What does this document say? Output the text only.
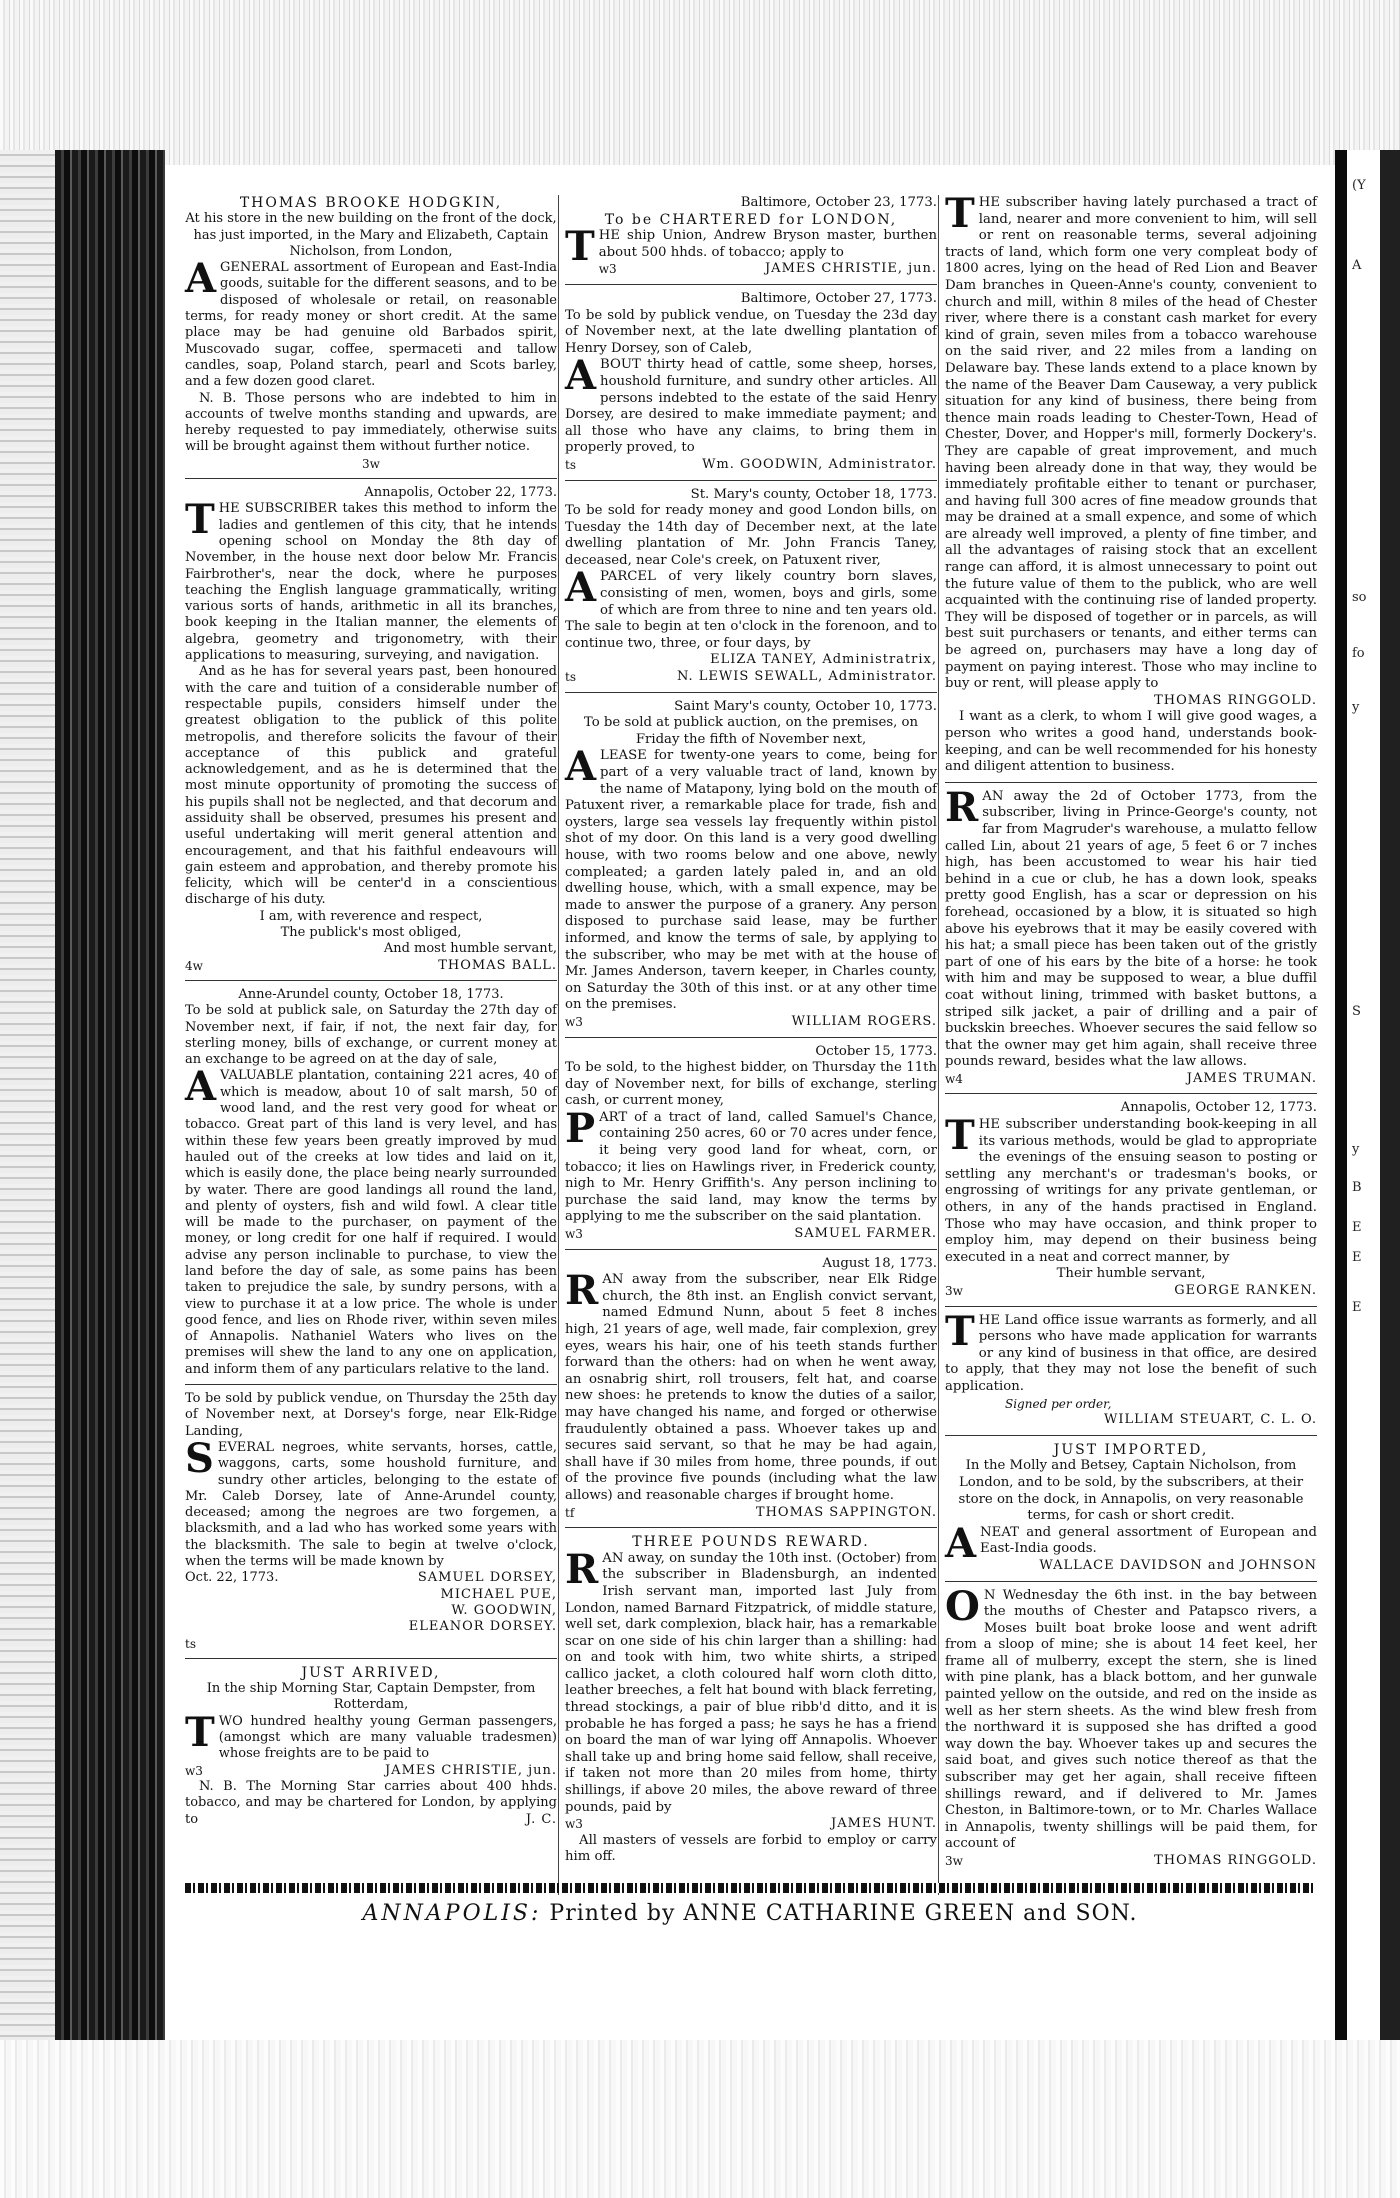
(Y
A
so
fo
y
S
y
B
E
E
E
THOMAS BROOKE HODGKIN,

At his store in the new building on the front of the dock, has just imported, in the Mary and Elizabeth, Captain Nicholson, from London,

AGENERAL assortment of European and East-India goods, suitable for the different seasons, and to be disposed of wholesale or retail, on reasonable terms, for ready money or short credit. At the same place may be had genuine old Barbados spirit, Muscovado sugar, coffee, spermaceti and tallow candles, soap, Poland starch, pearl and Scots barley, and a few dozen good claret.

N. B. Those persons who are indebted to him in accounts of twelve months standing and upwards, are hereby requested to pay immediately, otherwise suits will be brought against them without further notice.

3w
Annapolis, October 22, 1773.

THE SUBSCRIBER takes this method to inform the ladies and gentlemen of this city, that he intends opening school on Monday the 8th day of November, in the house next door below Mr. Francis Fairbrother's, near the dock, where he purposes teaching the English language grammatically, writing various sorts of hands, arithmetic in all its branches, book keeping in the Italian manner, the elements of algebra, geometry and trigonometry, with their applications to measuring, surveying, and navigation.

And as he has for several years past, been honoured with the care and tuition of a considerable number of respectable pupils, considers himself under the greatest obligation to the publick of this polite metropolis, and therefore solicits the favour of their acceptance of this publick and grateful acknowledgement, and as he is determined that the most minute opportunity of promoting the success of his pupils shall not be neglected, and that decorum and assiduity shall be observed, presumes his present and useful undertaking will merit general attention and encouragement, and that his faithful endeavours will gain esteem and approbation, and thereby promote his felicity, which will be center'd in a conscientious discharge of his duty.

I am, with reverence and respect,
The publick's most obliged,
And most humble servant,
4w	THOMAS BALL.
Anne-Arundel county, October 18, 1773.

To be sold at publick sale, on Saturday the 27th day of November next, if fair, if not, the next fair day, for sterling money, bills of exchange, or current money at an exchange to be agreed on at the day of sale,

AVALUABLE plantation, containing 221 acres, 40 of which is meadow, about 10 of salt marsh, 50 of wood land, and the rest very good for wheat or tobacco. Great part of this land is very level, and has within these few years been greatly improved by mud hauled out of the creeks at low tides and laid on it, which is easily done, the place being nearly surrounded by water. There are good landings all round the land, and plenty of oysters, fish and wild fowl. A clear title will be made to the purchaser, on payment of the money, or long credit for one half if required. I would advise any person inclinable to purchase, to view the land before the day of sale, as some pains has been taken to prejudice the sale, by sundry persons, with a view to purchase it at a low price. The whole is under good fence, and lies on Rhode river, within seven miles of Annapolis. Nathaniel Waters who lives on the premises will shew the land to any one on application, and inform them of any particulars relative to the land.

To be sold by publick vendue, on Thursday the 25th day of November next, at Dorsey's forge, near Elk-Ridge Landing,

SEVERAL negroes, white servants, horses, cattle, waggons, carts, some houshold furniture, and sundry other articles, belonging to the estate of Mr. Caleb Dorsey, late of Anne-Arundel county, deceased; among the negroes are two forgemen, a blacksmith, and a lad who has worked some years with the blacksmith. The sale to begin at twelve o'clock, when the terms will be made known by

Oct. 22, 1773.	SAMUEL DORSEY,
MICHAEL PUE,
W. GOODWIN,
ELEANOR DORSEY.
ts
JUST ARRIVED,

In the ship Morning Star, Captain Dempster, from Rotterdam,

TWO hundred healthy young German passengers, (amongst which are many valuable tradesmen) whose freights are to be paid to

w3	JAMES CHRISTIE, jun.

N. B. The Morning Star carries about 400 hhds. tobacco, and may be chartered for London, by applying to	J. C.

Baltimore, October 23, 1773.
To be CHARTERED for LONDON,

THE ship Union, Andrew Bryson master, burthen about 500 hhds. of tobacco; apply to

w3	JAMES CHRISTIE, jun.
Baltimore, October 27, 1773.

To be sold by publick vendue, on Tuesday the 23d day of November next, at the late dwelling plantation of Henry Dorsey, son of Caleb,

ABOUT thirty head of cattle, some sheep, horses, houshold furniture, and sundry other articles. All persons indebted to the estate of the said Henry Dorsey, are desired to make immediate payment; and all those who have any claims, to bring them in properly proved, to

ts	Wm. GOODWIN, Administrator.
St. Mary's county, October 18, 1773.

To be sold for ready money and good London bills, on Tuesday the 14th day of December next, at the late dwelling plantation of Mr. John Francis Taney, deceased, near Cole's creek, on Patuxent river,

APARCEL of very likely country born slaves, consisting of men, women, boys and girls, some of which are from three to nine and ten years old. The sale to begin at ten o'clock in the forenoon, and to continue two, three, or four days, by

ELIZA TANEY, Administratrix,
ts	N. LEWIS SEWALL, Administrator.
Saint Mary's county, October 10, 1773.

To be sold at publick auction, on the premises, on Friday the fifth of November next,

ALEASE for twenty-one years to come, being for part of a very valuable tract of land, known by the name of Matapony, lying bold on the mouth of Patuxent river, a remarkable place for trade, fish and oysters, large sea vessels lay frequently within pistol shot of my door. On this land is a very good dwelling house, with two rooms below and one above, newly compleated; a garden lately paled in, and an old dwelling house, which, with a small expence, may be made to answer the purpose of a granery. Any person disposed to purchase said lease, may be further informed, and know the terms of sale, by applying to the subscriber, who may be met with at the house of Mr. James Anderson, tavern keeper, in Charles county, on Saturday the 30th of this inst. or at any other time on the premises.

w3	WILLIAM ROGERS.
October 15, 1773.

To be sold, to the highest bidder, on Thursday the 11th day of November next, for bills of exchange, sterling cash, or current money,

PART of a tract of land, called Samuel's Chance, containing 250 acres, 60 or 70 acres under fence, it being very good land for wheat, corn, or tobacco; it lies on Hawlings river, in Frederick county, nigh to Mr. Henry Griffith's. Any person inclining to purchase the said land, may know the terms by applying to me the subscriber on the said plantation.

w3	SAMUEL FARMER.
August 18, 1773.

RAN away from the subscriber, near Elk Ridge church, the 8th inst. an English convict servant, named Edmund Nunn, about 5 feet 8 inches high, 21 years of age, well made, fair complexion, grey eyes, wears his hair, one of his teeth stands further forward than the others: had on when he went away, an osnabrig shirt, roll trousers, felt hat, and coarse new shoes: he pretends to know the duties of a sailor, may have changed his name, and forged or otherwise fraudulently obtained a pass. Whoever takes up and secures said servant, so that he may be had again, shall have if 30 miles from home, three pounds, if out of the province five pounds (including what the law allows) and reasonable charges if brought home.

tf	THOMAS SAPPINGTON.
THREE POUNDS REWARD.

RAN away, on sunday the 10th inst. (October) from the subscriber in Bladensburgh, an indented Irish servant man, imported last July from London, named Barnard Fitzpatrick, of middle stature, well set, dark complexion, black hair, has a remarkable scar on one side of his chin larger than a shilling: had on and took with him, two white shirts, a striped callico jacket, a cloth coloured half worn cloth ditto, leather breeches, a felt hat bound with black ferreting, thread stockings, a pair of blue ribb'd ditto, and it is probable he has forged a pass; he says he has a friend on board the man of war lying off Annapolis. Whoever shall take up and bring home said fellow, shall receive, if taken not more than 20 miles from home, thirty shillings, if above 20 miles, the above reward of three pounds, paid by

w3	JAMES HUNT.

All masters of vessels are forbid to employ or carry him off.

THE subscriber having lately purchased a tract of land, nearer and more convenient to him, will sell or rent on reasonable terms, several adjoining tracts of land, which form one very compleat body of 1800 acres, lying on the head of Red Lion and Beaver Dam branches in Queen-Anne's county, convenient to church and mill, within 8 miles of the head of Chester river, where there is a constant cash market for every kind of grain, seven miles from a tobacco warehouse on the said river, and 22 miles from a landing on Delaware bay. These lands extend to a place known by the name of the Beaver Dam Causeway, a very publick situation for any kind of business, there being from thence main roads leading to Chester-Town, Head of Chester, Dover, and Hopper's mill, formerly Dockery's. They are capable of great improvement, and much having been already done in that way, they would be immediately profitable either to tenant or purchaser, and having full 300 acres of fine meadow grounds that may be drained at a small expence, and some of which are already well improved, a plenty of fine timber, and all the advantages of raising stock that an excellent range can afford, it is almost unnecessary to point out the future value of them to the publick, who are well acquainted with the continuing rise of landed property. They will be disposed of together or in parcels, as will best suit purchasers or tenants, and either terms can be agreed on, purchasers may have a long day of payment on paying interest. Those who may incline to buy or rent, will please apply to

THOMAS RINGGOLD.

I want as a clerk, to whom I will give good wages, a person who writes a good hand, understands book-keeping, and can be well recommended for his honesty and diligent attention to business.

RAN away the 2d of October 1773, from the subscriber, living in Prince-George's county, not far from Magruder's warehouse, a mulatto fellow called Lin, about 21 years of age, 5 feet 6 or 7 inches high, has been accustomed to wear his hair tied behind in a cue or club, he has a down look, speaks pretty good English, has a scar or depression on his forehead, occasioned by a blow, it is situated so high above his eyebrows that it may be easily covered with his hat; a small piece has been taken out of the gristly part of one of his ears by the bite of a horse: he took with him and may be supposed to wear, a blue duffil coat without lining, trimmed with basket buttons, a striped silk jacket, a pair of drilling and a pair of buckskin breeches. Whoever secures the said fellow so that the owner may get him again, shall receive three pounds reward, besides what the law allows.

w4	JAMES TRUMAN.
Annapolis, October 12, 1773.

THE subscriber understanding book-keeping in all its various methods, would be glad to appropriate the evenings of the ensuing season to posting or settling any merchant's or tradesman's books, or engrossing of writings for any private gentleman, or others, in any of the hands practised in England. Those who may have occasion, and think proper to employ him, may depend on their business being executed in a neat and correct manner, by

Their humble servant,
3w	GEORGE RANKEN.

THE Land office issue warrants as formerly, and all persons who have made application for warrants or any kind of business in that office, are desired to apply, that they may not lose the benefit of such application.

Signed per order,
WILLIAM STEUART, C. L. O.
JUST IMPORTED,

In the Molly and Betsey, Captain Nicholson, from London, and to be sold, by the subscribers, at their store on the dock, in Annapolis, on very reasonable terms, for cash or short credit.

ANEAT and general assortment of European and East-India goods.

WALLACE DAVIDSON and JOHNSON

O N Wednesday the 6th inst. in the bay between the mouths of Chester and Patapsco rivers, a Moses built boat broke loose and went adrift from a sloop of mine; she is about 14 feet keel, her frame all of mulberry, except the stern, she is lined with pine plank, has a black bottom, and her gunwale painted yellow on the outside, and red on the inside as well as her stern sheets. As the wind blew fresh from the northward it is supposed she has drifted a good way down the bay. Whoever takes up and secures the said boat, and gives such notice thereof as that the subscriber may get her again, shall receive fifteen shillings reward, and if delivered to Mr. James Cheston, in Baltimore-town, or to Mr. Charles Wallace in Annapolis, twenty shillings will be paid them, for account of

3w	THOMAS RINGGOLD.
ANNAPOLIS: Printed by ANNE CATHARINE GREEN and SON.
